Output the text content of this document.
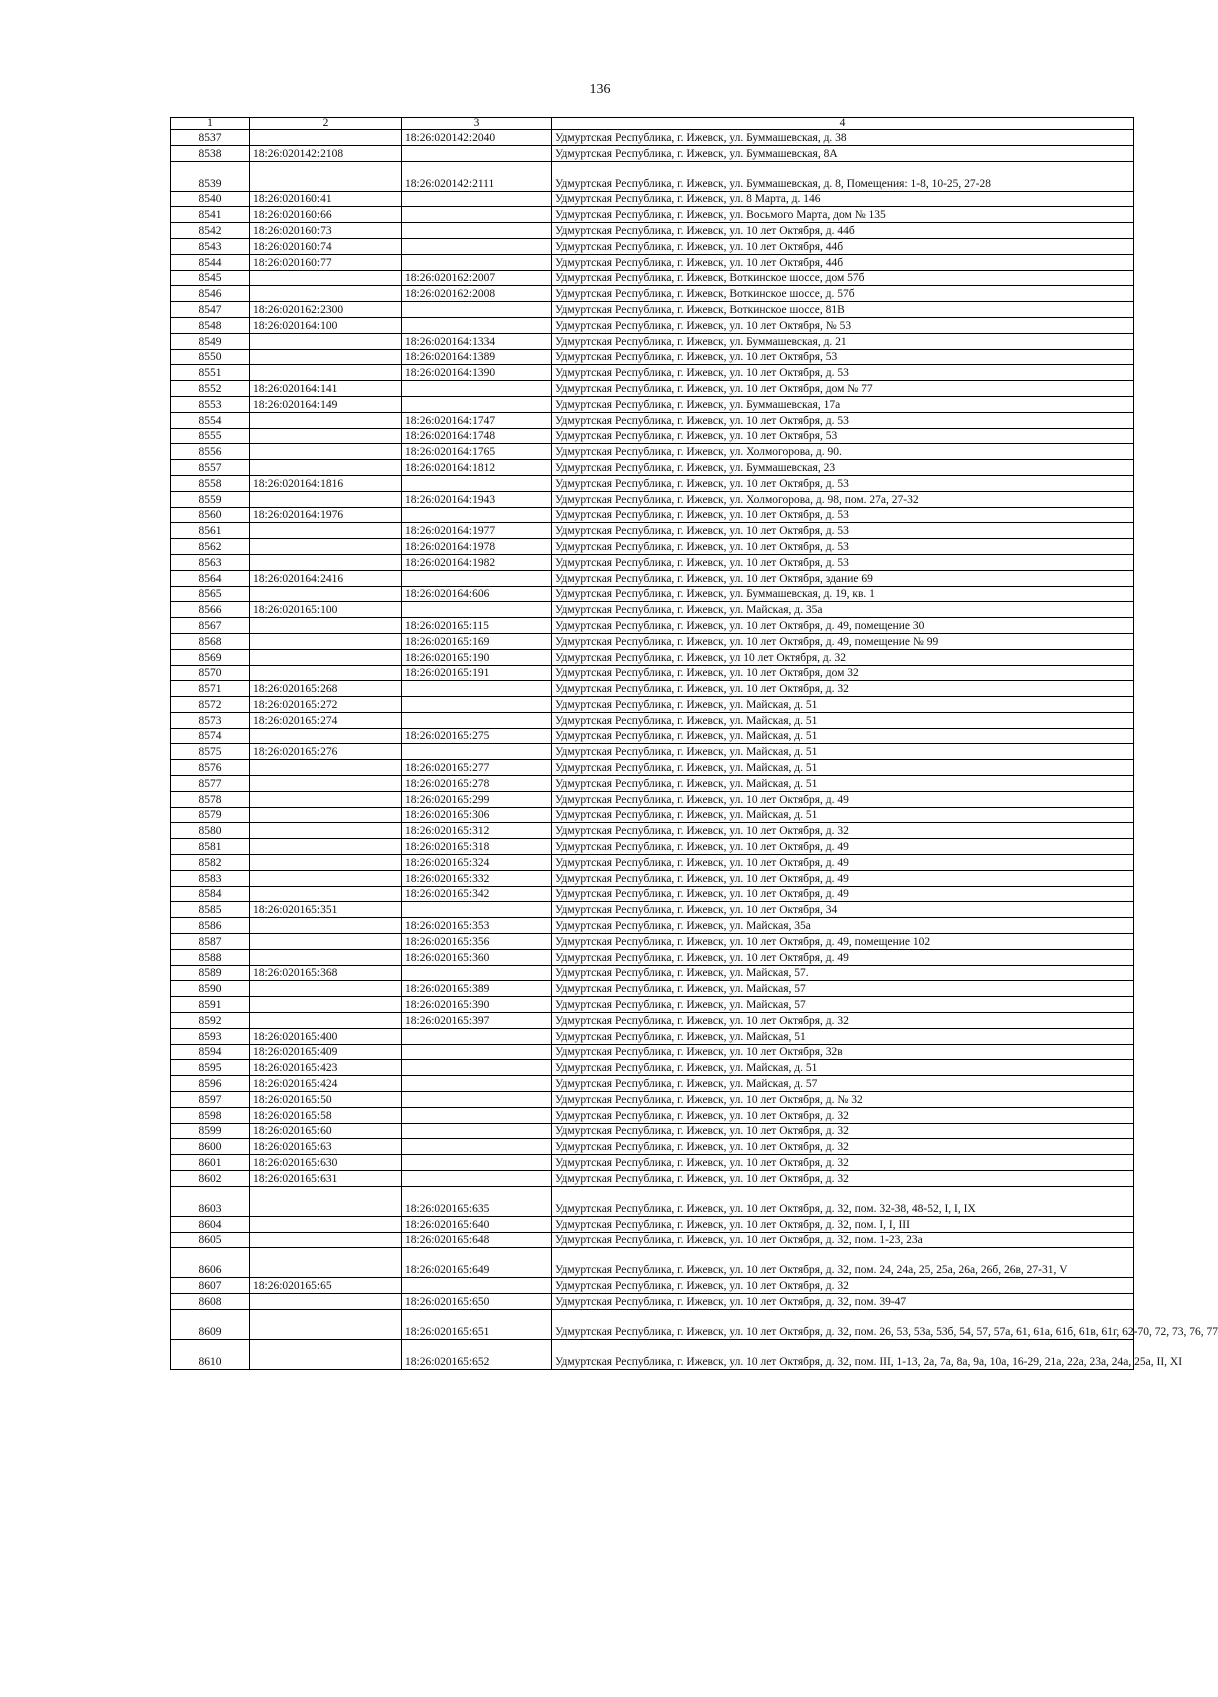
136
1	2	3	4
8537		18:26:020142:2040	Удмуртская Республика, г. Ижевск, ул. Буммашевская, д. 38
8538	18:26:020142:2108		Удмуртская Республика, г. Ижевск, ул. Буммашевская, 8А
8539		18:26:020142:2111	Удмуртская Республика, г. Ижевск, ул. Буммашевская, д. 8, Помещения: 1-8, 10-25, 27-28
8540	18:26:020160:41		Удмуртская Республика, г. Ижевск, ул. 8 Марта, д. 146
8541	18:26:020160:66		Удмуртская Республика, г. Ижевск, ул. Восьмого Марта, дом № 135
8542	18:26:020160:73		Удмуртская Республика, г. Ижевск, ул. 10 лет Октября, д. 44б
8543	18:26:020160:74		Удмуртская Республика, г. Ижевск, ул. 10 лет Октября, 44б
8544	18:26:020160:77		Удмуртская Республика, г. Ижевск, ул. 10 лет Октября, 44б
8545		18:26:020162:2007	Удмуртская Республика, г. Ижевск, Воткинское шоссе, дом 57б
8546		18:26:020162:2008	Удмуртская Республика, г. Ижевск, Воткинское шоссе, д. 57б
8547	18:26:020162:2300		Удмуртская Республика, г. Ижевск, Воткинское шоссе, 81В
8548	18:26:020164:100		Удмуртская Республика, г. Ижевск, ул. 10 лет Октября, № 53
8549		18:26:020164:1334	Удмуртская Республика, г. Ижевск, ул. Буммашевская, д. 21
8550		18:26:020164:1389	Удмуртская Республика, г. Ижевск, ул. 10 лет Октября, 53
8551		18:26:020164:1390	Удмуртская Республика, г. Ижевск, ул. 10 лет Октября, д. 53
8552	18:26:020164:141		Удмуртская Республика, г. Ижевск, ул. 10 лет Октября, дом № 77
8553	18:26:020164:149		Удмуртская Республика, г. Ижевск, ул. Буммашевская, 17а
8554		18:26:020164:1747	Удмуртская Республика, г. Ижевск, ул. 10 лет Октября, д. 53
8555		18:26:020164:1748	Удмуртская Республика, г. Ижевск, ул. 10 лет Октября, 53
8556		18:26:020164:1765	Удмуртская Республика, г. Ижевск, ул. Холмогорова, д. 90.
8557		18:26:020164:1812	Удмуртская Республика, г. Ижевск, ул. Буммашевская, 23
8558	18:26:020164:1816		Удмуртская Республика, г. Ижевск, ул. 10 лет Октября, д. 53
8559		18:26:020164:1943	Удмуртская Республика, г. Ижевск, ул. Холмогорова, д. 98, пом. 27а, 27-32
8560	18:26:020164:1976		Удмуртская Республика, г. Ижевск, ул. 10 лет Октября, д. 53
8561		18:26:020164:1977	Удмуртская Республика, г. Ижевск, ул. 10 лет Октября, д. 53
8562		18:26:020164:1978	Удмуртская Республика, г. Ижевск, ул. 10 лет Октября, д. 53
8563		18:26:020164:1982	Удмуртская Республика, г. Ижевск, ул. 10 лет Октября, д. 53
8564	18:26:020164:2416		Удмуртская Республика, г. Ижевск, ул. 10 лет Октября, здание 69
8565		18:26:020164:606	Удмуртская Республика, г. Ижевск, ул. Буммашевская, д. 19, кв. 1
8566	18:26:020165:100		Удмуртская Республика, г. Ижевск, ул. Майская, д. 35а
8567		18:26:020165:115	Удмуртская Республика, г. Ижевск, ул. 10 лет Октября, д. 49, помещение 30
8568		18:26:020165:169	Удмуртская Республика, г. Ижевск, ул. 10 лет Октября, д. 49, помещение № 99
8569		18:26:020165:190	Удмуртская Республика, г. Ижевск, ул 10 лет Октября, д. 32
8570		18:26:020165:191	Удмуртская Республика, г. Ижевск, ул. 10 лет Октября, дом 32
8571	18:26:020165:268		Удмуртская Республика, г. Ижевск, ул. 10 лет Октября, д. 32
8572	18:26:020165:272		Удмуртская Республика, г. Ижевск, ул. Майская, д. 51
8573	18:26:020165:274		Удмуртская Республика, г. Ижевск, ул. Майская, д. 51
8574		18:26:020165:275	Удмуртская Республика, г. Ижевск, ул. Майская, д. 51
8575	18:26:020165:276		Удмуртская Республика, г. Ижевск, ул. Майская, д. 51
8576		18:26:020165:277	Удмуртская Республика, г. Ижевск, ул. Майская, д. 51
8577		18:26:020165:278	Удмуртская Республика, г. Ижевск, ул. Майская, д. 51
8578		18:26:020165:299	Удмуртская Республика, г. Ижевск, ул. 10 лет Октября, д. 49
8579		18:26:020165:306	Удмуртская Республика, г. Ижевск, ул. Майская, д. 51
8580		18:26:020165:312	Удмуртская Республика, г. Ижевск, ул. 10 лет Октября, д. 32
8581		18:26:020165:318	Удмуртская Республика, г. Ижевск, ул. 10 лет Октября, д. 49
8582		18:26:020165:324	Удмуртская Республика, г. Ижевск, ул. 10 лет Октября, д. 49
8583		18:26:020165:332	Удмуртская Республика, г. Ижевск, ул. 10 лет Октября, д. 49
8584		18:26:020165:342	Удмуртская Республика, г. Ижевск, ул. 10 лет Октября, д. 49
8585	18:26:020165:351		Удмуртская Республика, г. Ижевск, ул. 10 лет Октября, 34
8586		18:26:020165:353	Удмуртская Республика, г. Ижевск, ул. Майская, 35а
8587		18:26:020165:356	Удмуртская Республика, г. Ижевск, ул. 10 лет Октября, д. 49, помещение 102
8588		18:26:020165:360	Удмуртская Республика, г. Ижевск, ул. 10 лет Октября, д. 49
8589	18:26:020165:368		Удмуртская Республика, г. Ижевск, ул. Майская, 57.
8590		18:26:020165:389	Удмуртская Республика, г. Ижевск, ул. Майская, 57
8591		18:26:020165:390	Удмуртская Республика, г. Ижевск, ул. Майская, 57
8592		18:26:020165:397	Удмуртская Республика, г. Ижевск, ул. 10 лет Октября, д. 32
8593	18:26:020165:400		Удмуртская Республика, г. Ижевск, ул. Майская, 51
8594	18:26:020165:409		Удмуртская Республика, г. Ижевск, ул. 10 лет Октября, 32в
8595	18:26:020165:423		Удмуртская Республика, г. Ижевск, ул. Майская, д. 51
8596	18:26:020165:424		Удмуртская Республика, г. Ижевск, ул. Майская, д. 57
8597	18:26:020165:50		Удмуртская Республика, г. Ижевск, ул. 10 лет Октября, д. № 32
8598	18:26:020165:58		Удмуртская Республика, г. Ижевск, ул. 10 лет Октября, д. 32
8599	18:26:020165:60		Удмуртская Республика, г. Ижевск, ул. 10 лет Октября, д. 32
8600	18:26:020165:63		Удмуртская Республика, г. Ижевск, ул. 10 лет Октября, д. 32
8601	18:26:020165:630		Удмуртская Республика, г. Ижевск, ул. 10 лет Октября, д. 32
8602	18:26:020165:631		Удмуртская Республика, г. Ижевск, ул. 10 лет Октября, д. 32
8603		18:26:020165:635	Удмуртская Республика, г. Ижевск, ул. 10 лет Октября, д. 32, пом. 32-38, 48-52, I, I, IX
8604		18:26:020165:640	Удмуртская Республика, г. Ижевск, ул. 10 лет Октября, д. 32, пом. I, I, III
8605		18:26:020165:648	Удмуртская Республика, г. Ижевск, ул. 10 лет Октября, д. 32, пом. 1-23, 23а
8606		18:26:020165:649	Удмуртская Республика, г. Ижевск, ул. 10 лет Октября, д. 32, пом. 24, 24а, 25, 25а, 26а, 26б, 26в, 27-31, V
8607	18:26:020165:65		Удмуртская Республика, г. Ижевск, ул. 10 лет Октября, д. 32
8608		18:26:020165:650	Удмуртская Республика, г. Ижевск, ул. 10 лет Октября, д. 32, пом. 39-47
8609		18:26:020165:651	Удмуртская Республика, г. Ижевск, ул. 10 лет Октября, д. 32, пом. 26, 53, 53а, 53б, 54, 57, 57а, 61, 61а, 61б, 61в, 61г, 62-70, 72, 73, 76, 77
8610		18:26:020165:652	Удмуртская Республика, г. Ижевск, ул. 10 лет Октября, д. 32, пом. III, 1-13, 2а, 7а, 8а, 9а, 10а, 16-29, 21а, 22а, 23а, 24а, 25а, II, XI
